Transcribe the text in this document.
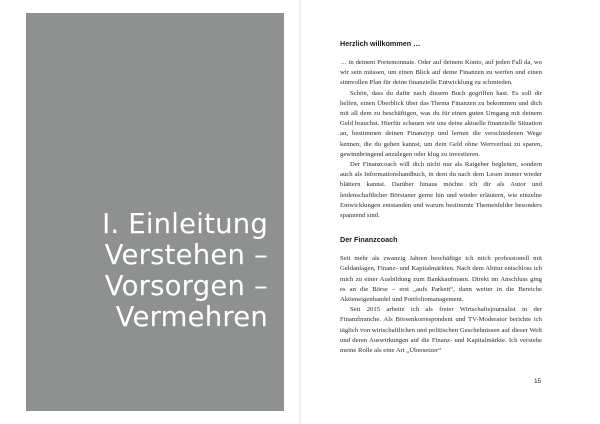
I. Einleitung
Verstehen –
Vorsorgen –
Vermehren
Herzlich willkommen …

… in deinem Portemonnaie. Oder auf deinem Konto, auf jeden Fall da, wo wir sein müssen, um einen Blick auf deine Finanzen zu werfen und einen sinnvollen Plan für deine finanzielle Entwicklung zu schmieden.

Schön, dass du dafür nach diesem Buch gegriffen hast. Es soll dir helfen, einen Überblick über das Thema Finanzen zu bekommen und dich mit all dem zu beschäftigen, was du für einen guten Umgang mit deinem Geld brauchst. Hierfür schauen wir uns deine aktuelle finanzielle Situation an, bestimmen deinen Finanztyp und lernen die verschiedenen Wege kennen, die du gehen kannst, um dein Geld ohne Wertverlust zu sparen, gewinnbringend anzulegen oder klug zu investieren.

Der Finanzcoach will dich nicht nur als Ratgeber begleiten, sondern auch als Informationshandbuch, in dem du nach dem Lesen immer wieder blättern kannst. Darüber hinaus möchte ich dir als Autor und leidenschaftlicher Börsianer gerne hin und wieder erläutern, wie einzelne Entwicklungen entstanden und warum bestimmte Themenfelder besonders spannend sind.

Der Finanzcoach

Seit mehr als zwanzig Jahren beschäftige ich mich professionell mit Geldanlagen, Finanz- und Kapitalmärkten. Nach dem Abitur entschloss ich mich zu einer Ausbildung zum Bankkaufmann. Direkt im Anschluss ging es an die Börse – erst „aufs Parkett“, dann weiter in die Bereiche Aktieneigenhandel und Portfoliomanagement.

Seit 2015 arbeite ich als freier Wirtschaftsjournalist in der Finanzbranche. Als Börsenkorrespondent und TV-Moderator berichte ich täglich von wirtschaftlichen und politischen Geschehnissen auf dieser Welt und deren Auswirkungen auf die Finanz- und Kapitalmärkte. Ich verstehe meine Rolle als eine Art „Übersetzer“

15
